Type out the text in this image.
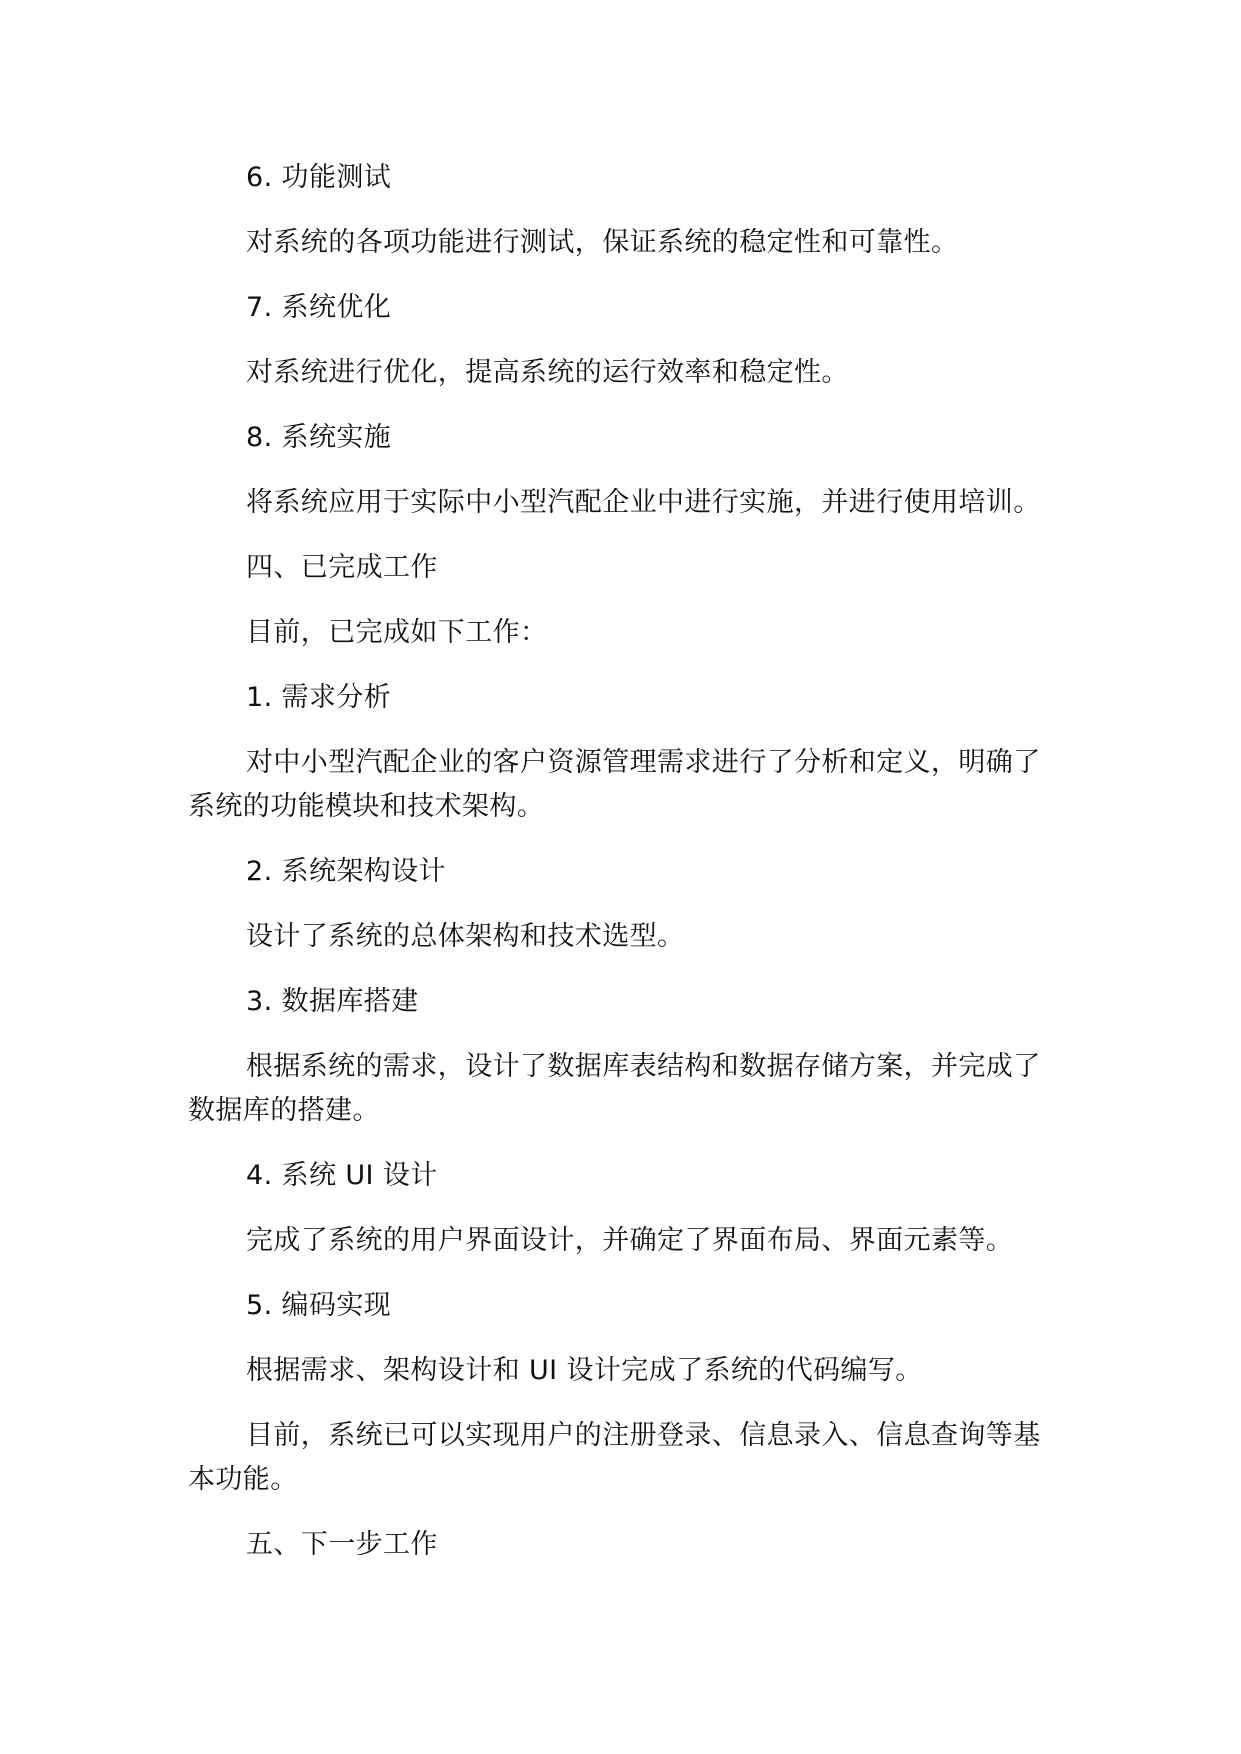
6. 功能测试

对系统的各项功能进行测试，保证系统的稳定性和可靠性。

7. 系统优化

对系统进行优化，提高系统的运行效率和稳定性。

8. 系统实施

将系统应用于实际中小型汽配企业中进行实施，并进行使用培训。

四、已完成工作

目前，已完成如下工作：

1. 需求分析

对中小型汽配企业的客户资源管理需求进行了分析和定义，明确了系统的功能模块和技术架构。

2. 系统架构设计

设计了系统的总体架构和技术选型。

3. 数据库搭建

根据系统的需求，设计了数据库表结构和数据存储方案，并完成了数据库的搭建。

4. 系统 UI 设计

完成了系统的用户界面设计，并确定了界面布局、界面元素等。

5. 编码实现

根据需求、架构设计和 UI 设计完成了系统的代码编写。

目前，系统已可以实现用户的注册登录、信息录入、信息查询等基本功能。

五、下一步工作
